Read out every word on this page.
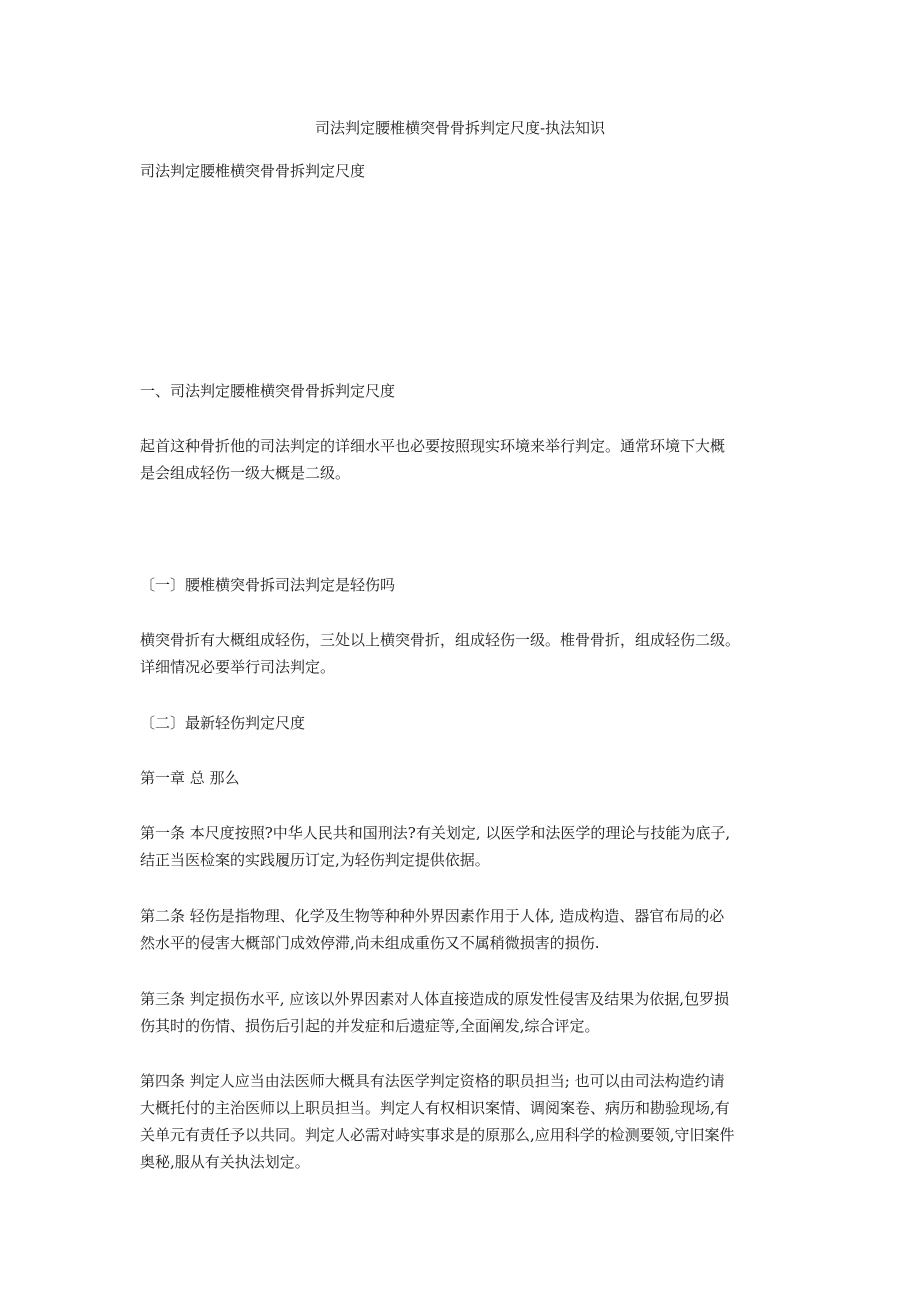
司法判定腰椎横突骨骨拆判定尺度-执法知识

司法判定腰椎横突骨骨拆判定尺度

一、司法判定腰椎横突骨骨拆判定尺度

起首这种骨折他的司法判定的详细水平也必要按照现实环境来举行判定。通常环境下大概
是会组成轻伤一级大概是二级。

〔一〕腰椎横突骨拆司法判定是轻伤吗

横突骨折有大概组成轻伤，三处以上横突骨折，组成轻伤一级。椎骨骨折，组成轻伤二级。
详细情况必要举行司法判定。

〔二〕最新轻伤判定尺度

第一章 总 那么

第一条 本尺度按照?中华人民共和国刑法?有关划定, 以医学和法医学的理论与技能为底子,
结正当医检案的实践履历订定,为轻伤判定提供依据。

第二条 轻伤是指物理、化学及生物等种种外界因素作用于人体, 造成构造、器官布局的必
然水平的侵害大概部门成效停滞,尚未组成重伤又不属稍微损害的损伤.

第三条 判定损伤水平, 应该以外界因素对人体直接造成的原发性侵害及结果为依据,包罗损
伤其时的伤情、损伤后引起的并发症和后遗症等,全面阐发,综合评定。

第四条 判定人应当由法医师大概具有法医学判定资格的职员担当; 也可以由司法构造约请
大概托付的主治医师以上职员担当。判定人有权相识案情、调阅案卷、病历和勘验现场,有
关单元有责任予以共同。判定人必需对峙实事求是的原那么,应用科学的检测要领,守旧案件
奥秘,服从有关执法划定。
